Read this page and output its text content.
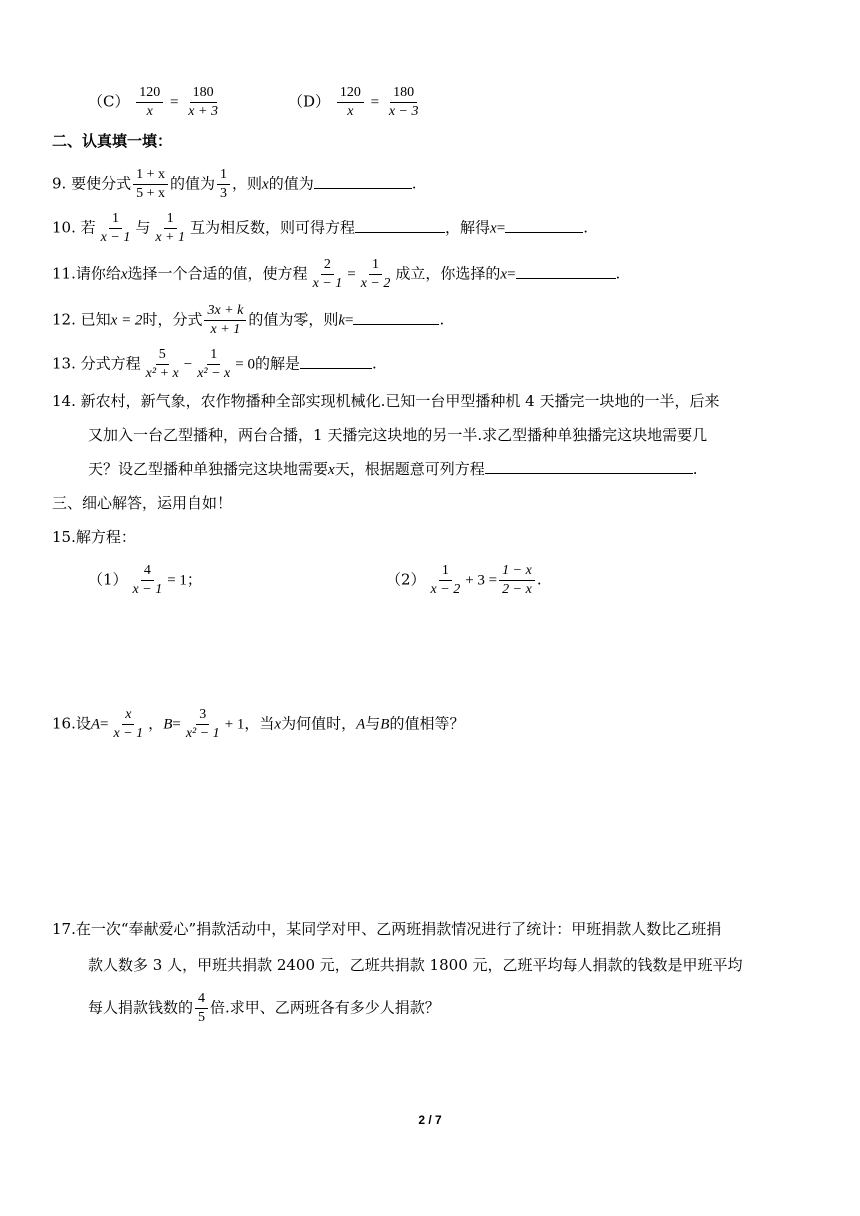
$(C) \frac{120}{x} = \frac{180}{x + 3}$	$(D) \frac{120}{x} = \frac{180}{x - 3}$
二、认真填一填：
9. 要使分式 $\frac{1 + x}{5 + x}$ 的值为 $\frac{1}{3}$ ，则x的值为	.
10. 若 $\frac{1}{x - 1}$ 与 $\frac{1}{x + 1}$ 互为相反数，则可得方程	，解得x=	.
11.请你给x选择一个合适的值，使方程 $\frac{2}{x - 1} = \frac{1}{x - 2}$ 成立，你选择的x=	.
12. 已知x = 2时，分式 $\frac{3x + k}{x + 1}$ 的值为零，则k=	.
13. 分式方程 $\frac{5}{\text{x² + x}} - \frac{1}{\text{x² − x}} = 0$的解是	.
14. 新农村，新气象，农作物播种全部实现机械化.已知一台甲型播种机 4 天播完一块地的一半，后来
又加入一台乙型播种，两台合播，1 天播完这块地的另一半.求乙型播种单独播完这块地需要几
天？设乙型播种单独播完这块地需要x天，根据题意可列方程	.
三、细心解答，运用自如！
15.解方程：
$(1) \frac{4}{x - 1} = 1$；	$(2) \frac{1}{x - 2} + 3 = \frac{1 - x}{2 - x}$ .
16.设$A= \frac{x}{x - 1}$ ，$B= \frac{3}{\text{x² − 1}} + 1$，当x为何值时，A与B的值相等？
17.在一次“奉献爱心”捐款活动中，某同学对甲、乙两班捐款情况进行了统计：甲班捐款人数比乙班捐
款人数多 3 人，甲班共捐款 2400 元，乙班共捐款 1800 元，乙班平均每人捐款的钱数是甲班平均
每人捐款钱数的 $\frac{4}{5}$ 倍.求甲、乙两班各有多少人捐款？
2 / 7
